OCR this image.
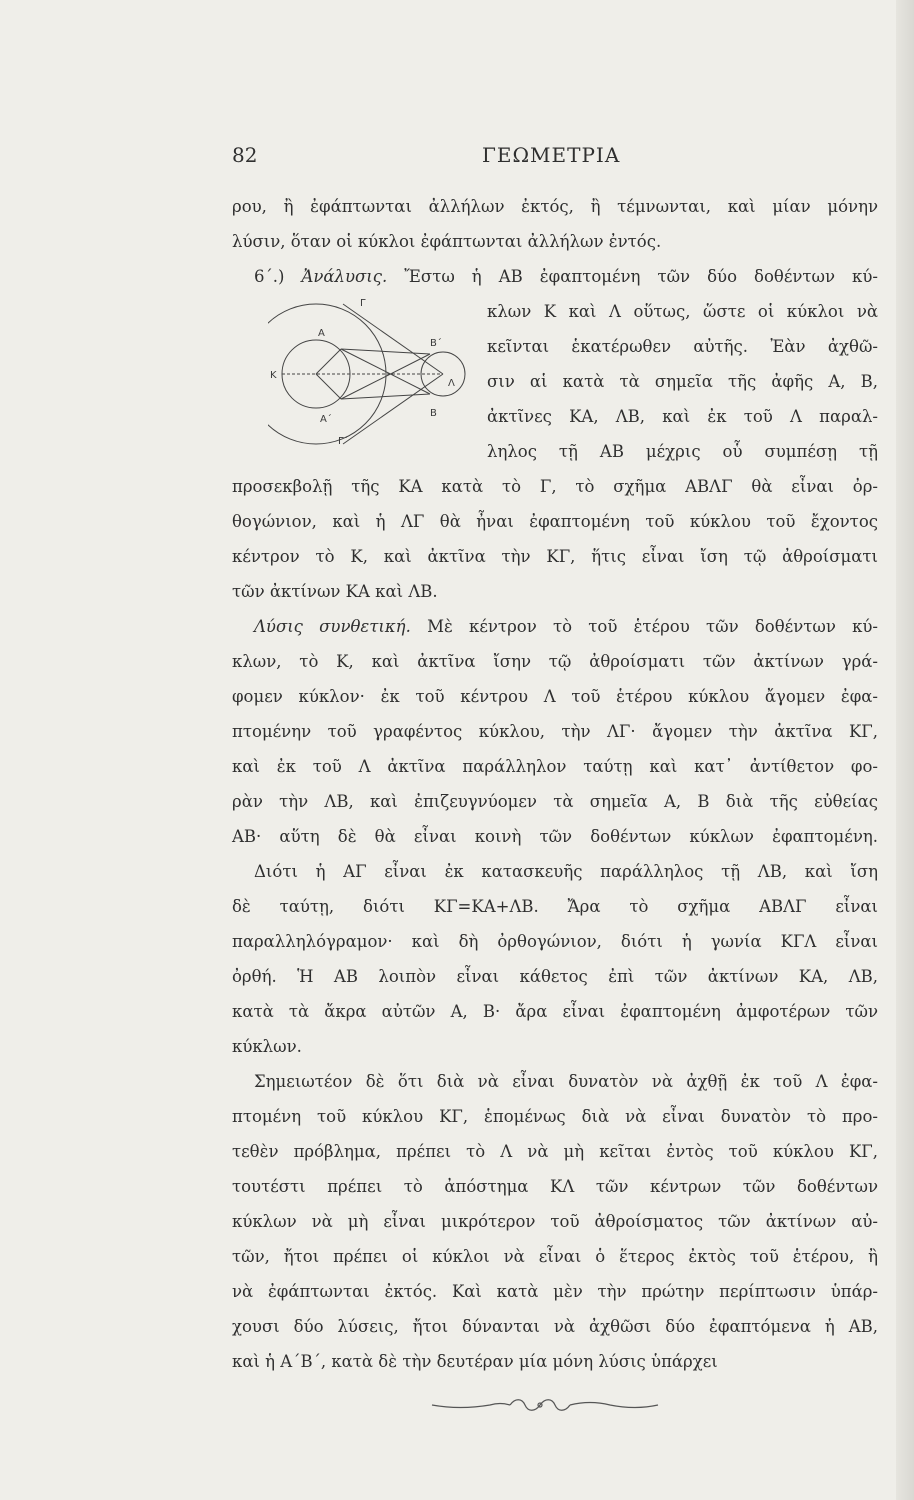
82	ΓΕΩΜΕΤΡΙΑ
ρου, ἢ ἐφάπτωνται ἀλλήλων ἐκτός, ἢ τέμνωνται, καὶ μίαν μόνην
λύσιν, ὅταν οἱ κύκλοι ἐφάπτωνται ἀλλήλων ἐντός.
6΄.) Ἀνάλυσις. Ἔστω ἡ ΑΒ ἐφαπτομένη τῶν δύο δοθέντων κύ-
Κ
Λ
Α
Α΄
Β
Β΄
Γ
Γ΄
κλων Κ καὶ Λ οὕτως, ὥστε οἱ κύκλοι νὰ
κεῖνται ἑκατέρωθεν αὐτῆς. Ἐὰν ἀχθῶ-
σιν αἱ κατὰ τὰ σημεῖα τῆς ἀφῆς Α, Β,
ἀκτῖνες ΚΑ, ΛΒ, καὶ ἐκ τοῦ Λ παραλ-
ληλος τῇ ΑΒ μέχρις οὗ συμπέσῃ τῇ
προσεκβολῇ τῆς ΚΑ κατὰ τὸ Γ, τὸ σχῆμα ΑΒΛΓ θὰ εἶναι ὀρ-
θογώνιον, καὶ ἡ ΛΓ θὰ ἦναι ἐφαπτομένη τοῦ κύκλου τοῦ ἔχοντος
κέντρον τὸ Κ, καὶ ἀκτῖνα τὴν ΚΓ, ἥτις εἶναι ἴση τῷ ἀθροίσματι
τῶν ἀκτίνων ΚΑ καὶ ΛΒ.
Λύσις συνθετική. Μὲ κέντρον τὸ τοῦ ἑτέρου τῶν δοθέντων κύ-
κλων, τὸ Κ, καὶ ἀκτῖνα ἴσην τῷ ἀθροίσματι τῶν ἀκτίνων γρά-
φομεν κύκλον· ἐκ τοῦ κέντρου Λ τοῦ ἑτέρου κύκλου ἄγομεν ἐφα-
πτομένην τοῦ γραφέντος κύκλου, τὴν ΛΓ· ἄγομεν τὴν ἀκτῖνα ΚΓ,
καὶ ἐκ τοῦ Λ ἀκτῖνα παράλληλον ταύτῃ καὶ κατ᾽ ἀντίθετον φο-
ρὰν τὴν ΛΒ, καὶ ἐπιζευγνύομεν τὰ σημεῖα Α, Β διὰ τῆς εὐθείας
ΑΒ· αὕτη δὲ θὰ εἶναι κοινὴ τῶν δοθέντων κύκλων ἐφαπτομένη.
Διότι ἡ ΑΓ εἶναι ἐκ κατασκευῆς παράλληλος τῇ ΛΒ, καὶ ἴση
δὲ ταύτῃ, διότι ΚΓ=ΚΑ+ΛΒ. Ἄρα τὸ σχῆμα ΑΒΛΓ εἶναι
παραλληλόγραμον· καὶ δὴ ὀρθογώνιον, διότι ἡ γωνία ΚΓΛ εἶναι
ὀρθή. Ἡ ΑΒ λοιπὸν εἶναι κάθετος ἐπὶ τῶν ἀκτίνων ΚΑ, ΛΒ,
κατὰ τὰ ἄκρα αὐτῶν Α, Β· ἄρα εἶναι ἐφαπτομένη ἀμφοτέρων τῶν
κύκλων.
Σημειωτέον δὲ ὅτι διὰ νὰ εἶναι δυνατὸν νὰ ἀχθῇ ἐκ τοῦ Λ ἐφα-
πτομένη τοῦ κύκλου ΚΓ, ἑπομένως διὰ νὰ εἶναι δυνατὸν τὸ προ-
τεθὲν πρόβλημα, πρέπει τὸ Λ νὰ μὴ κεῖται ἐντὸς τοῦ κύκλου ΚΓ,
τουτέστι πρέπει τὸ ἀπόστημα ΚΛ τῶν κέντρων τῶν δοθέντων
κύκλων νὰ μὴ εἶναι μικρότερον τοῦ ἀθροίσματος τῶν ἀκτίνων αὐ-
τῶν, ἤτοι πρέπει οἱ κύκλοι νὰ εἶναι ὁ ἕτερος ἐκτὸς τοῦ ἑτέρου, ἢ
νὰ ἐφάπτωνται ἐκτός. Καὶ κατὰ μὲν τὴν πρώτην περίπτωσιν ὑπάρ-
χουσι δύο λύσεις, ἤτοι δύνανται νὰ ἀχθῶσι δύο ἐφαπτόμενα ἡ ΑΒ,
καὶ ἡ Α΄Β΄, κατὰ δὲ τὴν δευτέραν μία μόνη λύσις ὑπάρχει
